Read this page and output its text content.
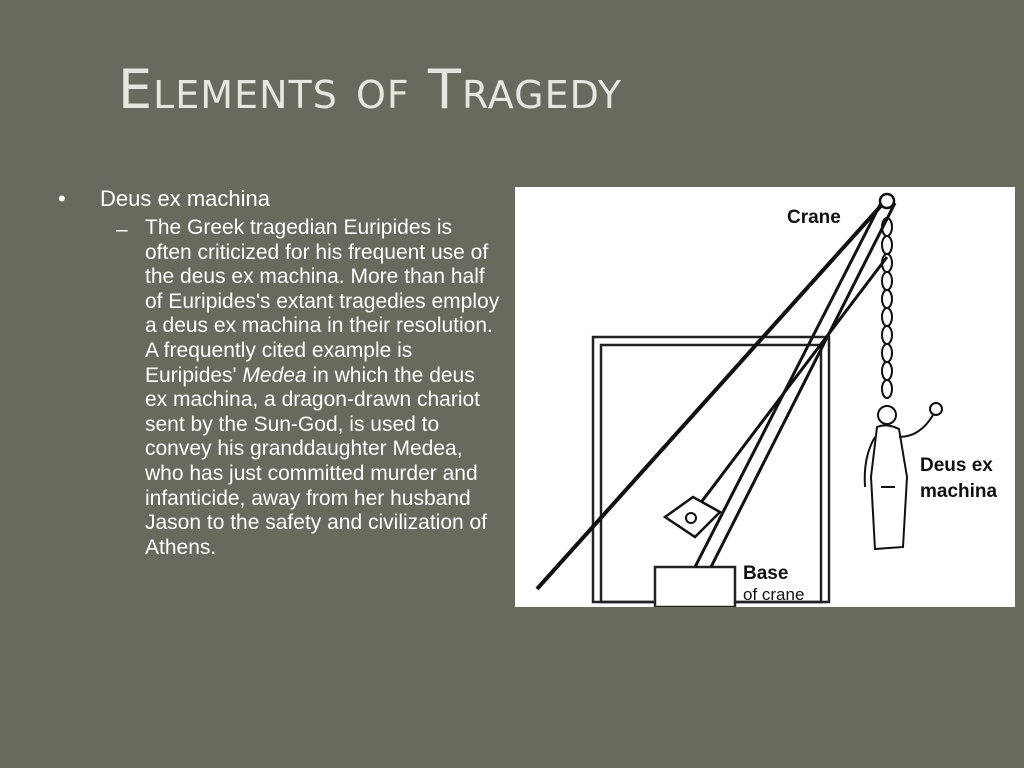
Elements of Tragedy
• Deus ex machina
– The Greek tragedian Euripides is often criticized for his frequent use of the deus ex machina. More than half of Euripides's extant tragedies employ a deus ex machina in their resolution. A frequently cited example is Euripides' Medea in which the deus ex machina, a dragon-drawn chariot sent by the Sun-God, is used to convey his granddaughter Medea, who has just committed murder and infanticide, away from her husband Jason to the safety and civilization of Athens.
Crane
Deus ex
machina
Base
of crane
